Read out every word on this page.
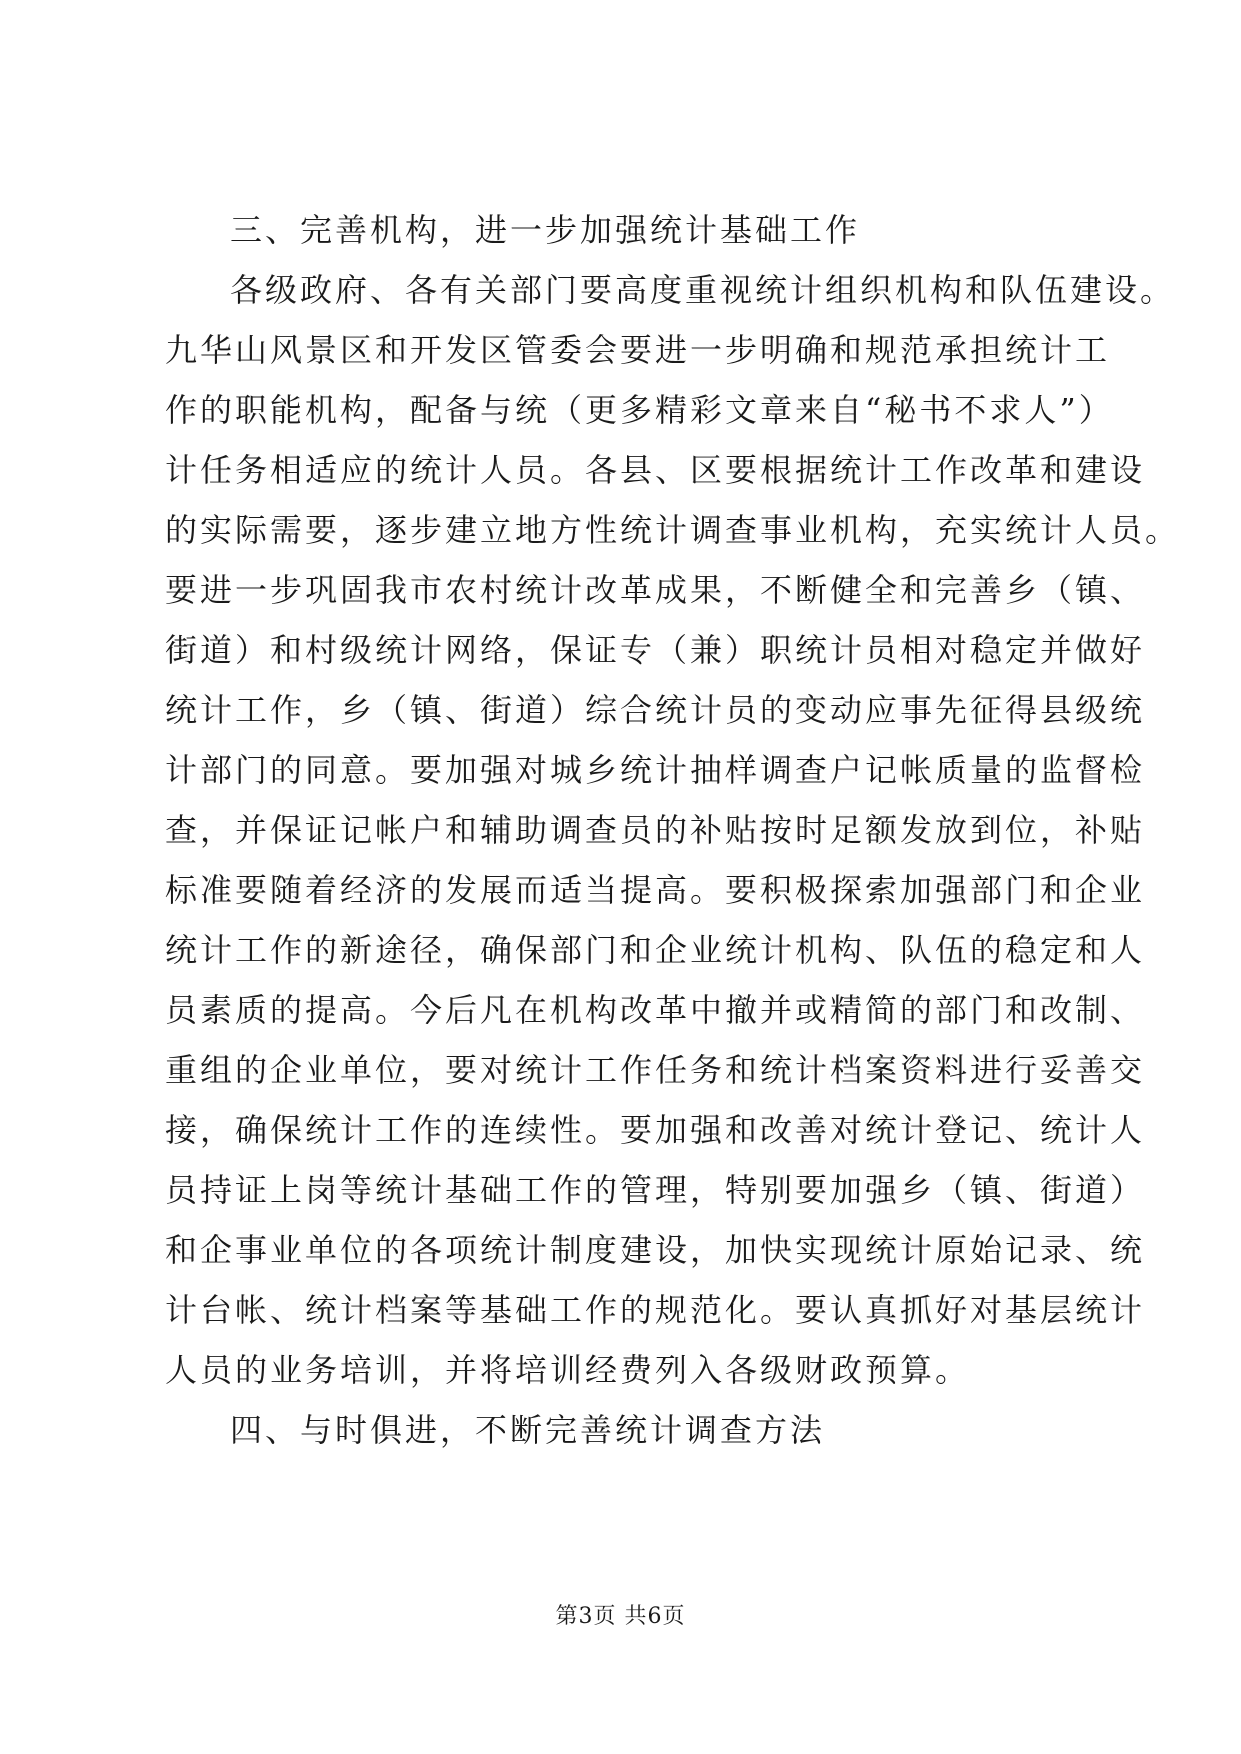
三、完善机构，进一步加强统计基础工作
各级政府、各有关部门要高度重视统计组织机构和队伍建设。
九华山风景区和开发区管委会要进一步明确和规范承担统计工
作的职能机构，配备与统（更多精彩文章来自“秘书不求人”）
计任务相适应的统计人员。各县、区要根据统计工作改革和建设
的实际需要，逐步建立地方性统计调查事业机构，充实统计人员。
要进一步巩固我市农村统计改革成果，不断健全和完善乡（镇、
街道）和村级统计网络，保证专（兼）职统计员相对稳定并做好
统计工作，乡（镇、街道）综合统计员的变动应事先征得县级统
计部门的同意。要加强对城乡统计抽样调查户记帐质量的监督检
查，并保证记帐户和辅助调查员的补贴按时足额发放到位，补贴
标准要随着经济的发展而适当提高。要积极探索加强部门和企业
统计工作的新途径，确保部门和企业统计机构、队伍的稳定和人
员素质的提高。今后凡在机构改革中撤并或精简的部门和改制、
重组的企业单位，要对统计工作任务和统计档案资料进行妥善交
接，确保统计工作的连续性。要加强和改善对统计登记、统计人
员持证上岗等统计基础工作的管理，特别要加强乡（镇、街道）
和企事业单位的各项统计制度建设，加快实现统计原始记录、统
计台帐、统计档案等基础工作的规范化。要认真抓好对基层统计
人员的业务培训，并将培训经费列入各级财政预算。
四、与时俱进，不断完善统计调查方法
第3页 共6页
